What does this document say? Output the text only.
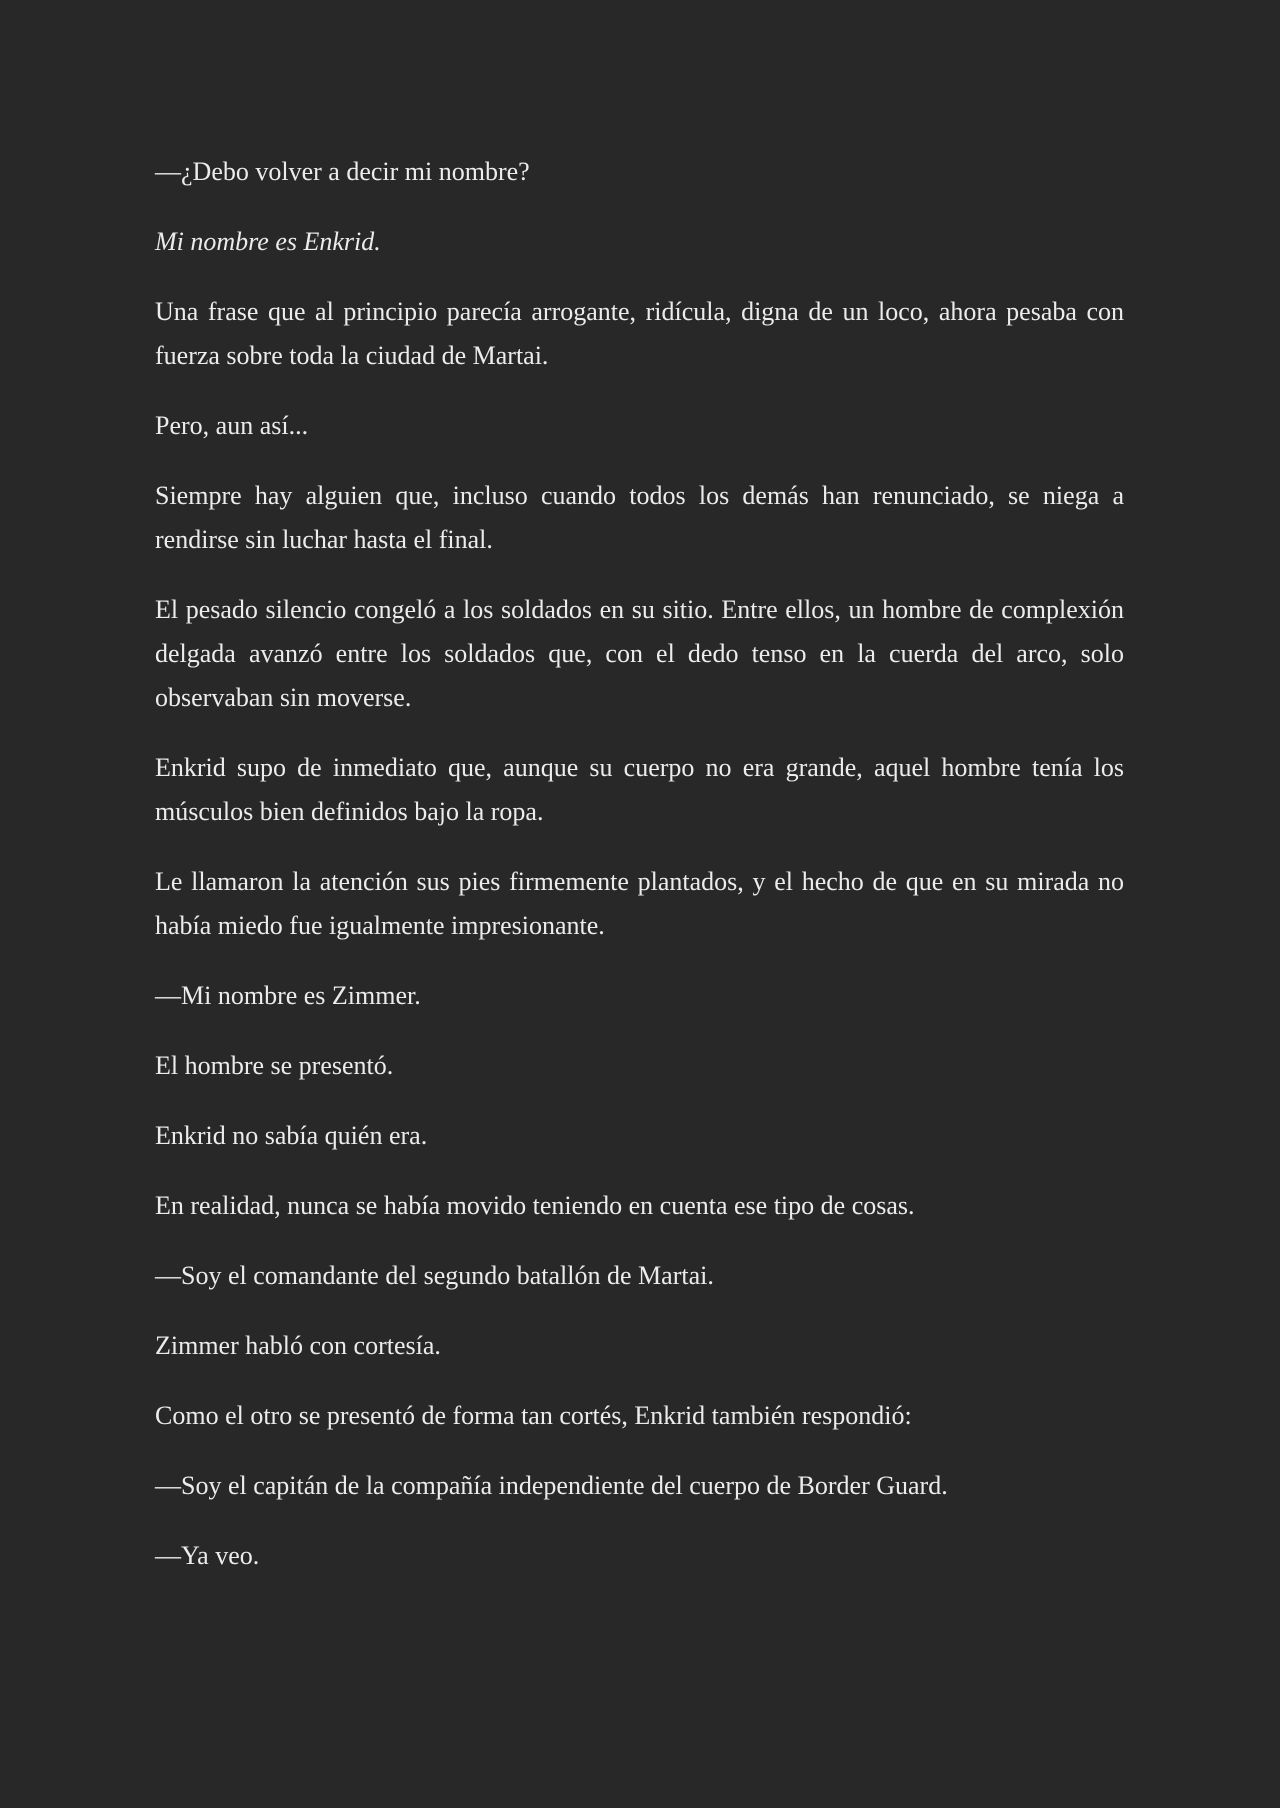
—¿Debo volver a decir mi nombre?

Mi nombre es Enkrid.

Una frase que al principio parecía arrogante, ridícula, digna de un loco, ahora pesaba con fuerza sobre toda la ciudad de Martai.

Pero, aun así...

Siempre hay alguien que, incluso cuando todos los demás han renunciado, se niega a rendirse sin luchar hasta el final.

El pesado silencio congeló a los soldados en su sitio. Entre ellos, un hombre de complexión delgada avanzó entre los soldados que, con el dedo tenso en la cuerda del arco, solo observaban sin moverse.

Enkrid supo de inmediato que, aunque su cuerpo no era grande, aquel hombre tenía los músculos bien definidos bajo la ropa.

Le llamaron la atención sus pies firmemente plantados, y el hecho de que en su mirada no había miedo fue igualmente impresionante.

—Mi nombre es Zimmer.

El hombre se presentó.

Enkrid no sabía quién era.

En realidad, nunca se había movido teniendo en cuenta ese tipo de cosas.

—Soy el comandante del segundo batallón de Martai.

Zimmer habló con cortesía.

Como el otro se presentó de forma tan cortés, Enkrid también respondió:

—Soy el capitán de la compañía independiente del cuerpo de Border Guard.

—Ya veo.
